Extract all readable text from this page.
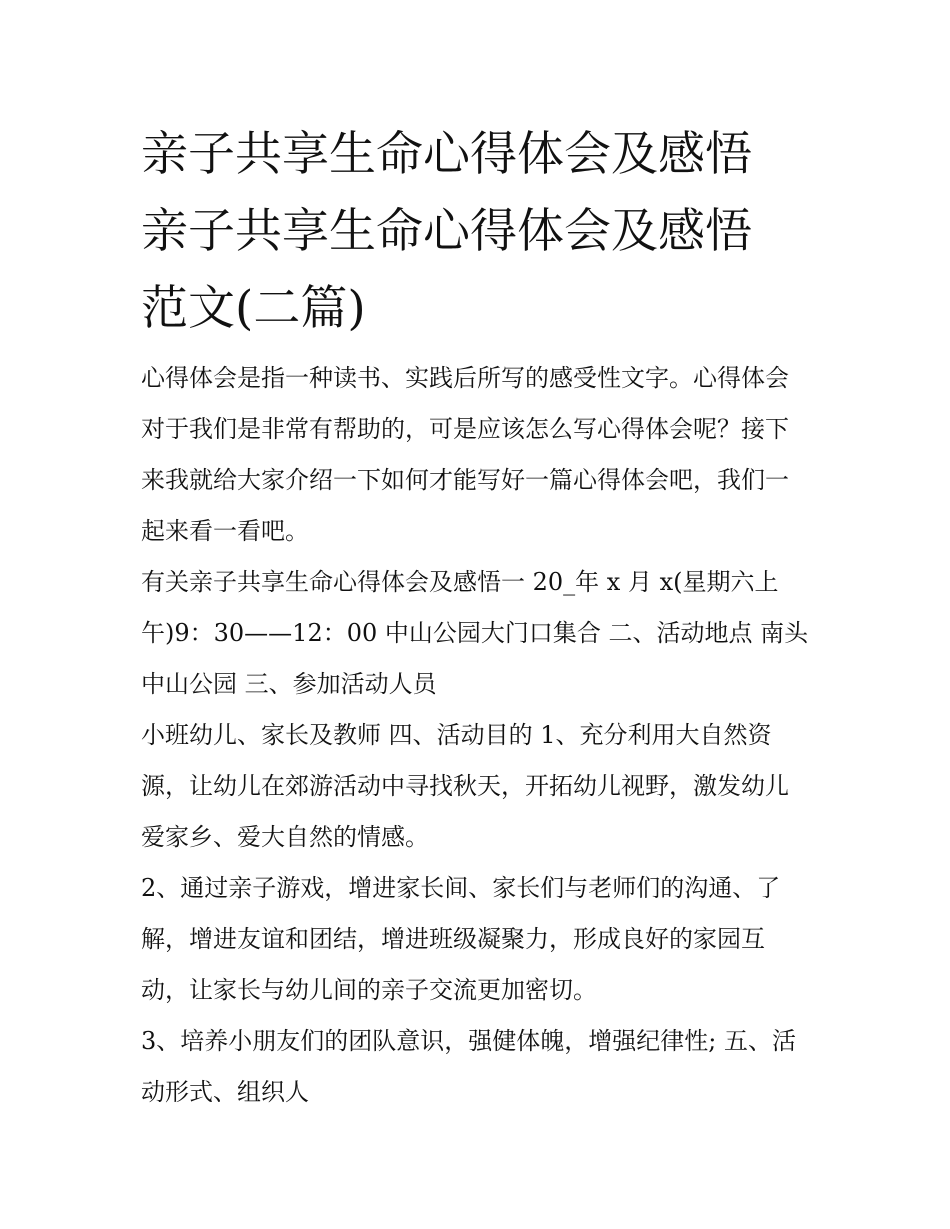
亲子共享生命心得体会及感悟
亲子共享生命心得体会及感悟
范文(二篇)

心得体会是指一种读书、实践后所写的感受性文字。心得体会
对于我们是非常有帮助的，可是应该怎么写心得体会呢？接下
来我就给大家介绍一下如何才能写好一篇心得体会吧，我们一
起来看一看吧。

有关亲子共享生命心得体会及感悟一 20_年 x 月 x(星期六上
午)9：30——12：00 中山公园大门口集合 二、活动地点 南头
中山公园 三、参加活动人员

小班幼儿、家长及教师 四、活动目的 1、充分利用大自然资
源，让幼儿在郊游活动中寻找秋天，开拓幼儿视野，激发幼儿
爱家乡、爱大自然的情感。

2、通过亲子游戏，增进家长间、家长们与老师们的沟通、了
解，增进友谊和团结，增进班级凝聚力，形成良好的家园互
动，让家长与幼儿间的亲子交流更加密切。

3、培养小朋友们的团队意识，强健体魄，增强纪律性; 五、活
动形式、组织人
